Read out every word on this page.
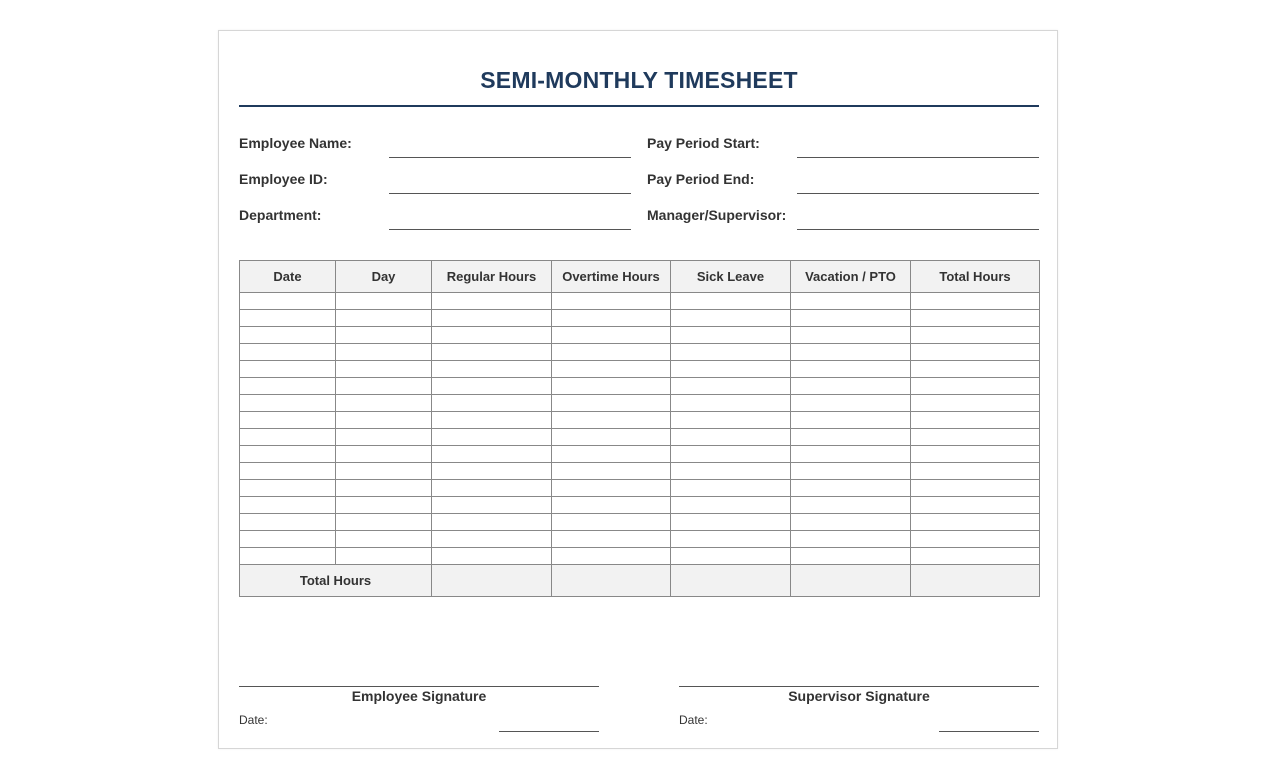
SEMI-MONTHLY TIMESHEET
Employee Name:	Pay Period Start:
Employee ID:	Pay Period End:
Department:	Manager/Supervisor:
Date	Day	Regular Hours	Overtime Hours	Sick Leave	Vacation / PTO	Total Hours

Total Hours						
Employee Signature
Date:
Supervisor Signature
Date:
